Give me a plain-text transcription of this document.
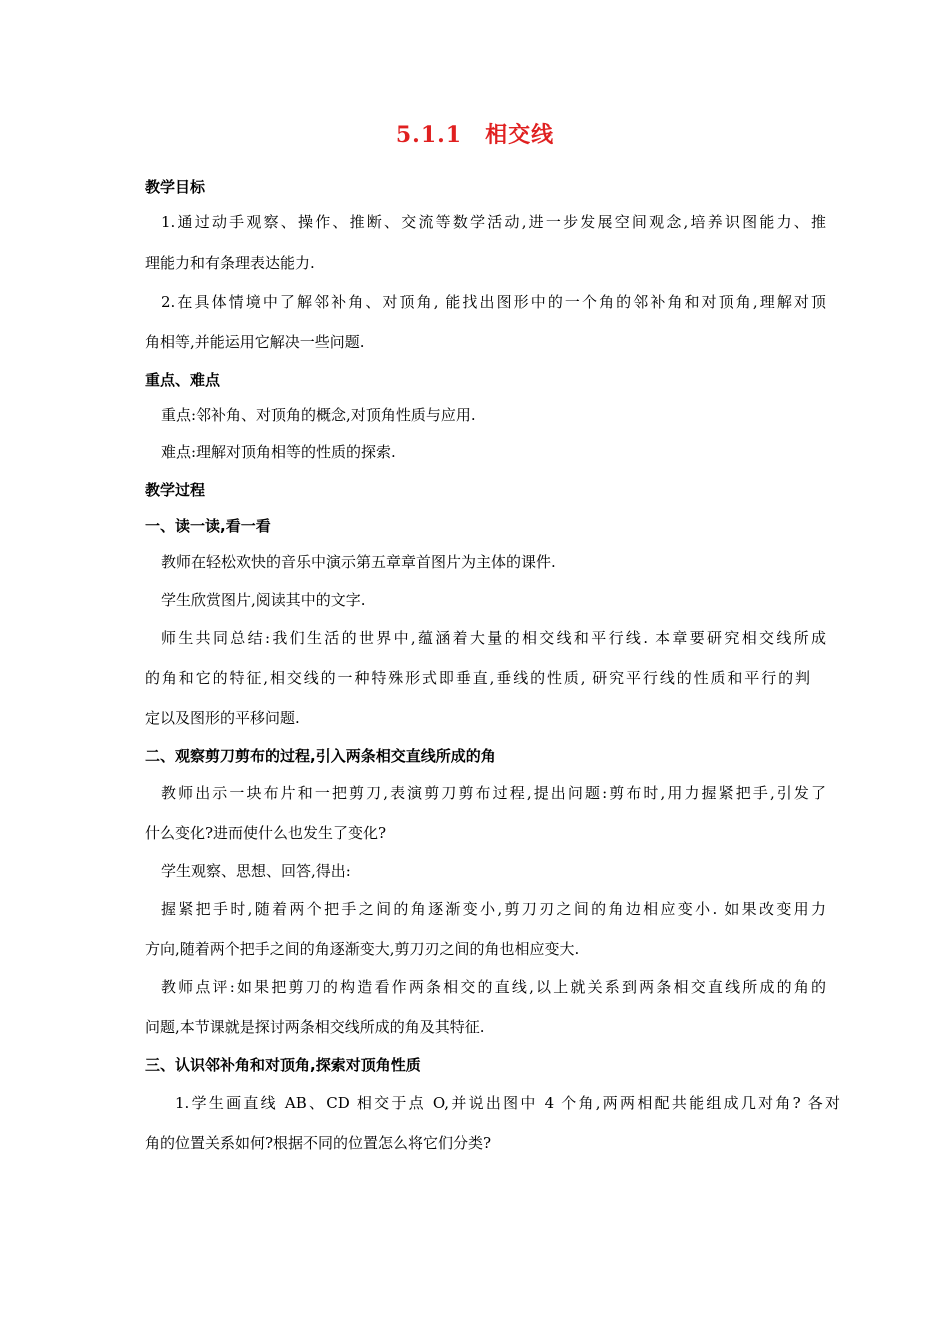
5.1.1　相交线
教学目标
1.通过动手观察、操作、推断、交流等数学活动,进一步发展空间观念,培养识图能力、推
理能力和有条理表达能力.
2.在具体情境中了解邻补角、对顶角, 能找出图形中的一个角的邻补角和对顶角,理解对顶
角相等,并能运用它解决一些问题.
重点、难点
重点:邻补角、对顶角的概念,对顶角性质与应用.
难点:理解对顶角相等的性质的探索.
教学过程
一、读一读,看一看
教师在轻松欢快的音乐中演示第五章章首图片为主体的课件.
学生欣赏图片,阅读其中的文字.
师生共同总结:我们生活的世界中,蕴涵着大量的相交线和平行线. 本章要研究相交线所成
的角和它的特征,相交线的一种特殊形式即垂直,垂线的性质, 研究平行线的性质和平行的判
定以及图形的平移问题.
二、观察剪刀剪布的过程,引入两条相交直线所成的角
教师出示一块布片和一把剪刀,表演剪刀剪布过程,提出问题:剪布时,用力握紧把手,引发了
什么变化?进而使什么也发生了变化?
学生观察、思想、回答,得出:
握紧把手时,随着两个把手之间的角逐渐变小,剪刀刃之间的角边相应变小. 如果改变用力
方向,随着两个把手之间的角逐渐变大,剪刀刃之间的角也相应变大.
教师点评:如果把剪刀的构造看作两条相交的直线,以上就关系到两条相交直线所成的角的
问题,本节课就是探讨两条相交线所成的角及其特征.
三、认识邻补角和对顶角,探索对顶角性质
1.学生画直线 AB、CD 相交于点 O,并说出图中 4 个角,两两相配共能组成几对角? 各对
角的位置关系如何?根据不同的位置怎么将它们分类?
